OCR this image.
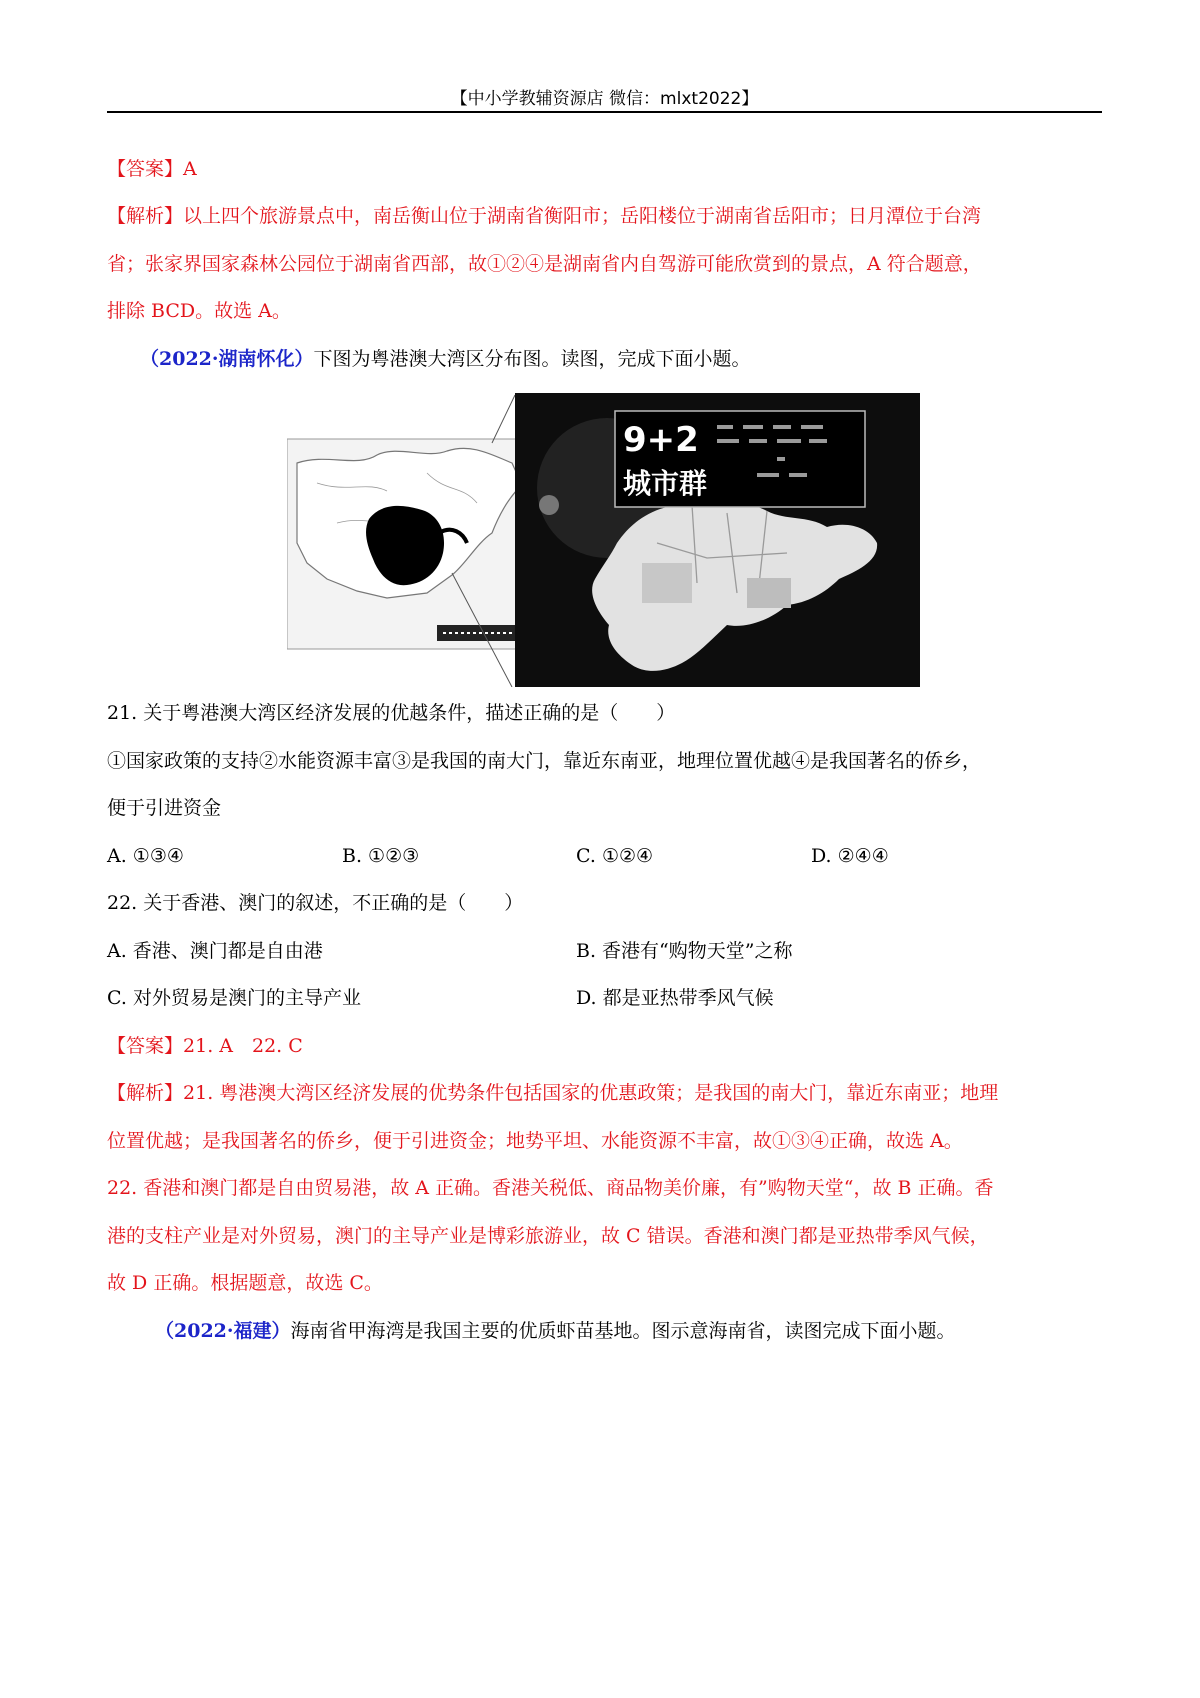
【中小学教辅资源店 微信：mlxt2022】
【答案】A
【解析】以上四个旅游景点中，南岳衡山位于湖南省衡阳市；岳阳楼位于湖南省岳阳市；日月潭位于台湾
省；张家界国家森林公园位于湖南省西部，故①②④是湖南省内自驾游可能欣赏到的景点，A 符合题意，
排除 BCD。故选 A。
（2022·湖南怀化）下图为粤港澳大湾区分布图。读图，完成下面小题。
9+2
城市群
21. 关于粤港澳大湾区经济发展的优越条件，描述正确的是（　　）
①国家政策的支持②水能资源丰富③是我国的南大门，靠近东南亚，地理位置优越④是我国著名的侨乡，
便于引进资金
A. ①③④	B. ①②③	C. ①②④	D. ②④④
22. 关于香港、澳门的叙述，不正确的是（　　）
A. 香港、澳门都是自由港	B. 香港有“购物天堂”之称
C. 对外贸易是澳门的主导产业	D. 都是亚热带季风气候
【答案】21. A　22. C
【解析】21. 粤港澳大湾区经济发展的优势条件包括国家的优惠政策；是我国的南大门，靠近东南亚；地理
位置优越；是我国著名的侨乡，便于引进资金；地势平坦、水能资源不丰富，故①③④正确，故选 A。
22. 香港和澳门都是自由贸易港，故 A 正确。香港关税低、商品物美价廉，有”购物天堂“，故 B 正确。香
港的支柱产业是对外贸易，澳门的主导产业是博彩旅游业，故 C 错误。香港和澳门都是亚热带季风气候，
故 D 正确。根据题意，故选 C。
（2022·福建）海南省甲海湾是我国主要的优质虾苗基地。图示意海南省，读图完成下面小题。
